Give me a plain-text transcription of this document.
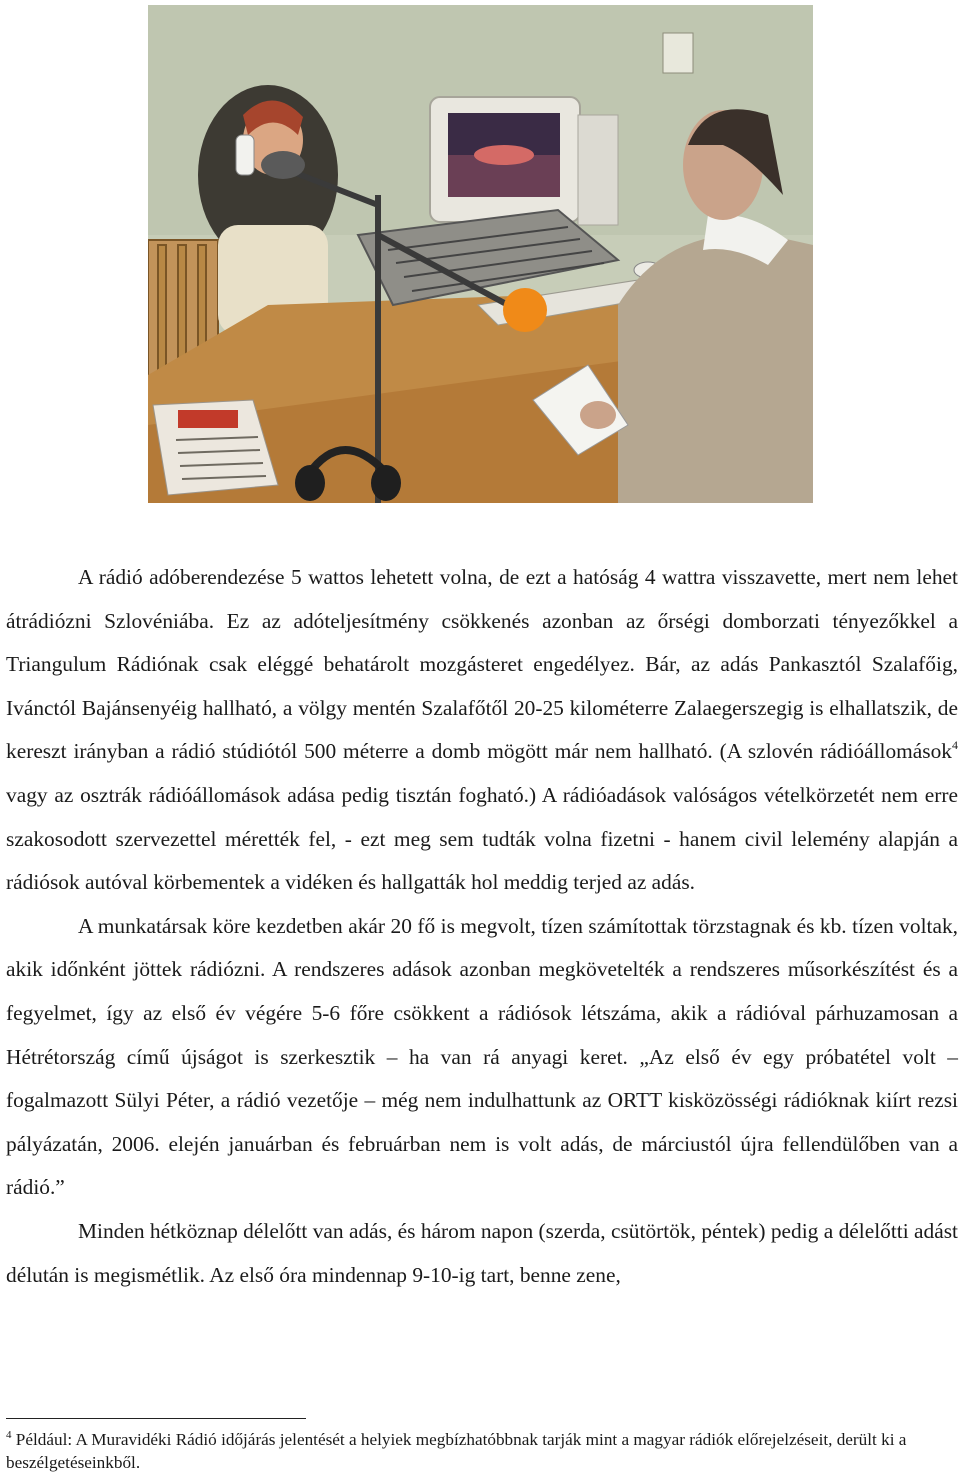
A rádió adóberendezése 5 wattos lehetett volna, de ezt a hatóság 4 wattra visszavette, mert nem lehet átrádiózni Szlovéniába. Ez az adóteljesítmény csökkenés azonban az őrségi domborzati tényezőkkel a Triangulum Rádiónak csak eléggé behatárolt mozgásteret engedélyez. Bár, az adás Pankasztól Szalafőig, Ivánctól Bajánsenyéig hallható, a völgy mentén Szalafőtől 20-25 kilométerre Zalaegerszegig is elhallatszik, de kereszt irányban a rádió stúdiótól 500 méterre a domb mögött már nem hallható. (A szlovén rádióállomások$^4$ vagy az osztrák rádióállomások adása pedig tisztán fogható.) A rádióadások valóságos vételkörzetét nem erre szakosodott szervezettel mérették fel, - ezt meg sem tudták volna fizetni - hanem civil lelemény alapján a rádiósok autóval körbementek a vidéken és hallgatták hol meddig terjed az adás.

A munkatársak köre kezdetben akár 20 fő is megvolt, tízen számítottak törzstagnak és kb. tízen voltak, akik időnként jöttek rádiózni. A rendszeres adások azonban megkövetelték a rendszeres műsorkészítést és a fegyelmet, így az első év végére 5-6 főre csökkent a rádiósok létszáma, akik a rádióval párhuzamosan a Hétrétország című újságot is szerkesztik – ha van rá anyagi keret. „Az első év egy próbatétel volt – fogalmazott Sülyi Péter, a rádió vezetője – még nem indulhattunk az ORTT kisközösségi rádióknak kiírt rezsi pályázatán, 2006. elején januárban és februárban nem is volt adás, de márciustól újra fellendülőben van a rádió.”

Minden hétköznap délelőtt van adás, és három napon (szerda, csütörtök, péntek) pedig a délelőtti adást délután is megismétlik. Az első óra mindennap 9-10-ig tart, benne zene,

$^4$ Például: A Muravidéki Rádió időjárás jelentését a helyiek megbízhatóbbnak tarják mint a magyar rádiók előrejelzéseit, derült ki a beszélgetéseinkből.
